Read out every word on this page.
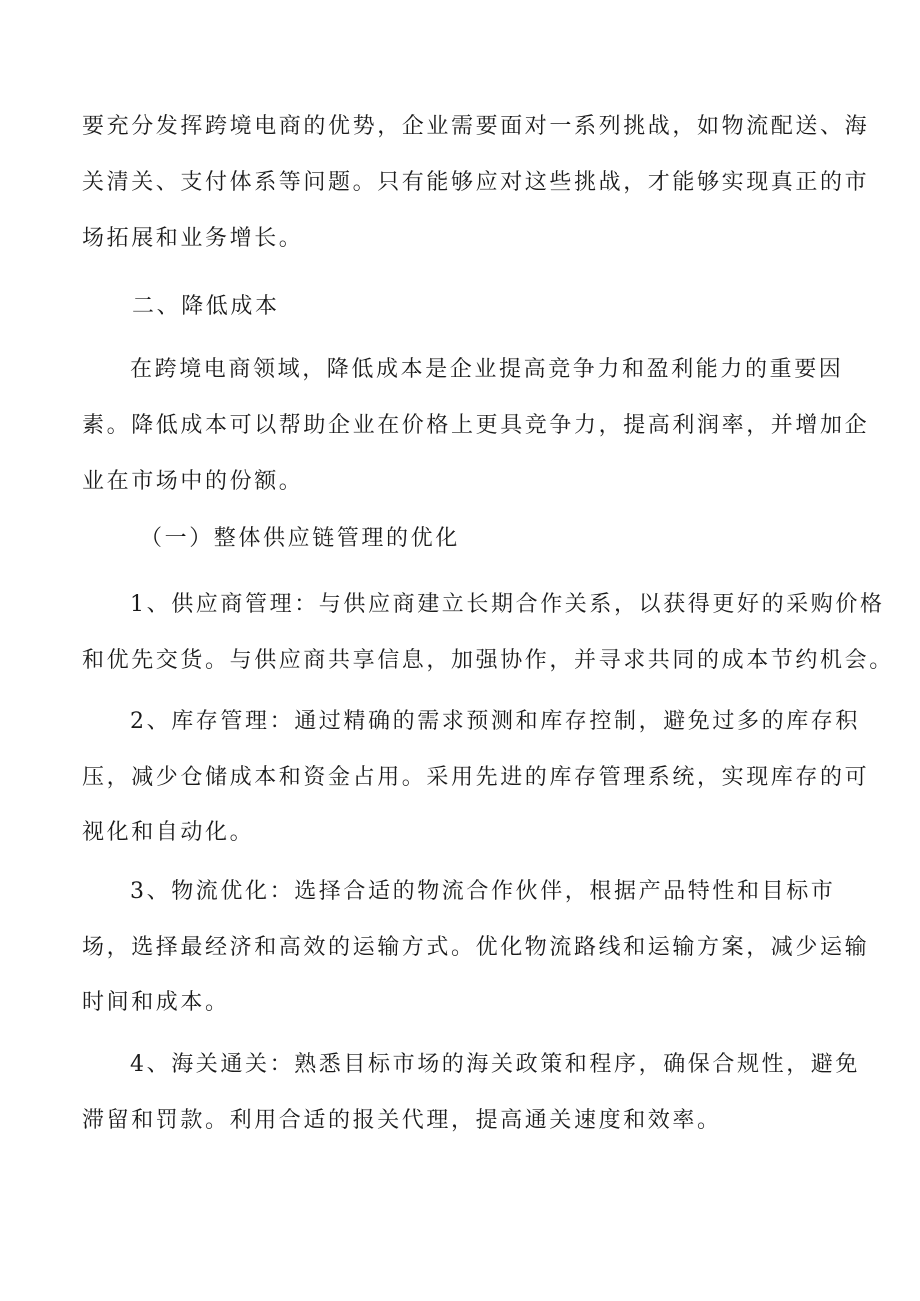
要充分发挥跨境电商的优势，企业需要面对一系列挑战，如物流配送、海
关清关、支付体系等问题。只有能够应对这些挑战，才能够实现真正的市
场拓展和业务增长。
二、降低成本
在跨境电商领域，降低成本是企业提高竞争力和盈利能力的重要因
素。降低成本可以帮助企业在价格上更具竞争力，提高利润率，并增加企
业在市场中的份额。
（一）整体供应链管理的优化
1、供应商管理：与供应商建立长期合作关系，以获得更好的采购价格
和优先交货。与供应商共享信息，加强协作，并寻求共同的成本节约机会。
2、库存管理：通过精确的需求预测和库存控制，避免过多的库存积
压，减少仓储成本和资金占用。采用先进的库存管理系统，实现库存的可
视化和自动化。
3、物流优化：选择合适的物流合作伙伴，根据产品特性和目标市
场，选择最经济和高效的运输方式。优化物流路线和运输方案，减少运输
时间和成本。
4、海关通关：熟悉目标市场的海关政策和程序，确保合规性，避免
滞留和罚款。利用合适的报关代理，提高通关速度和效率。
